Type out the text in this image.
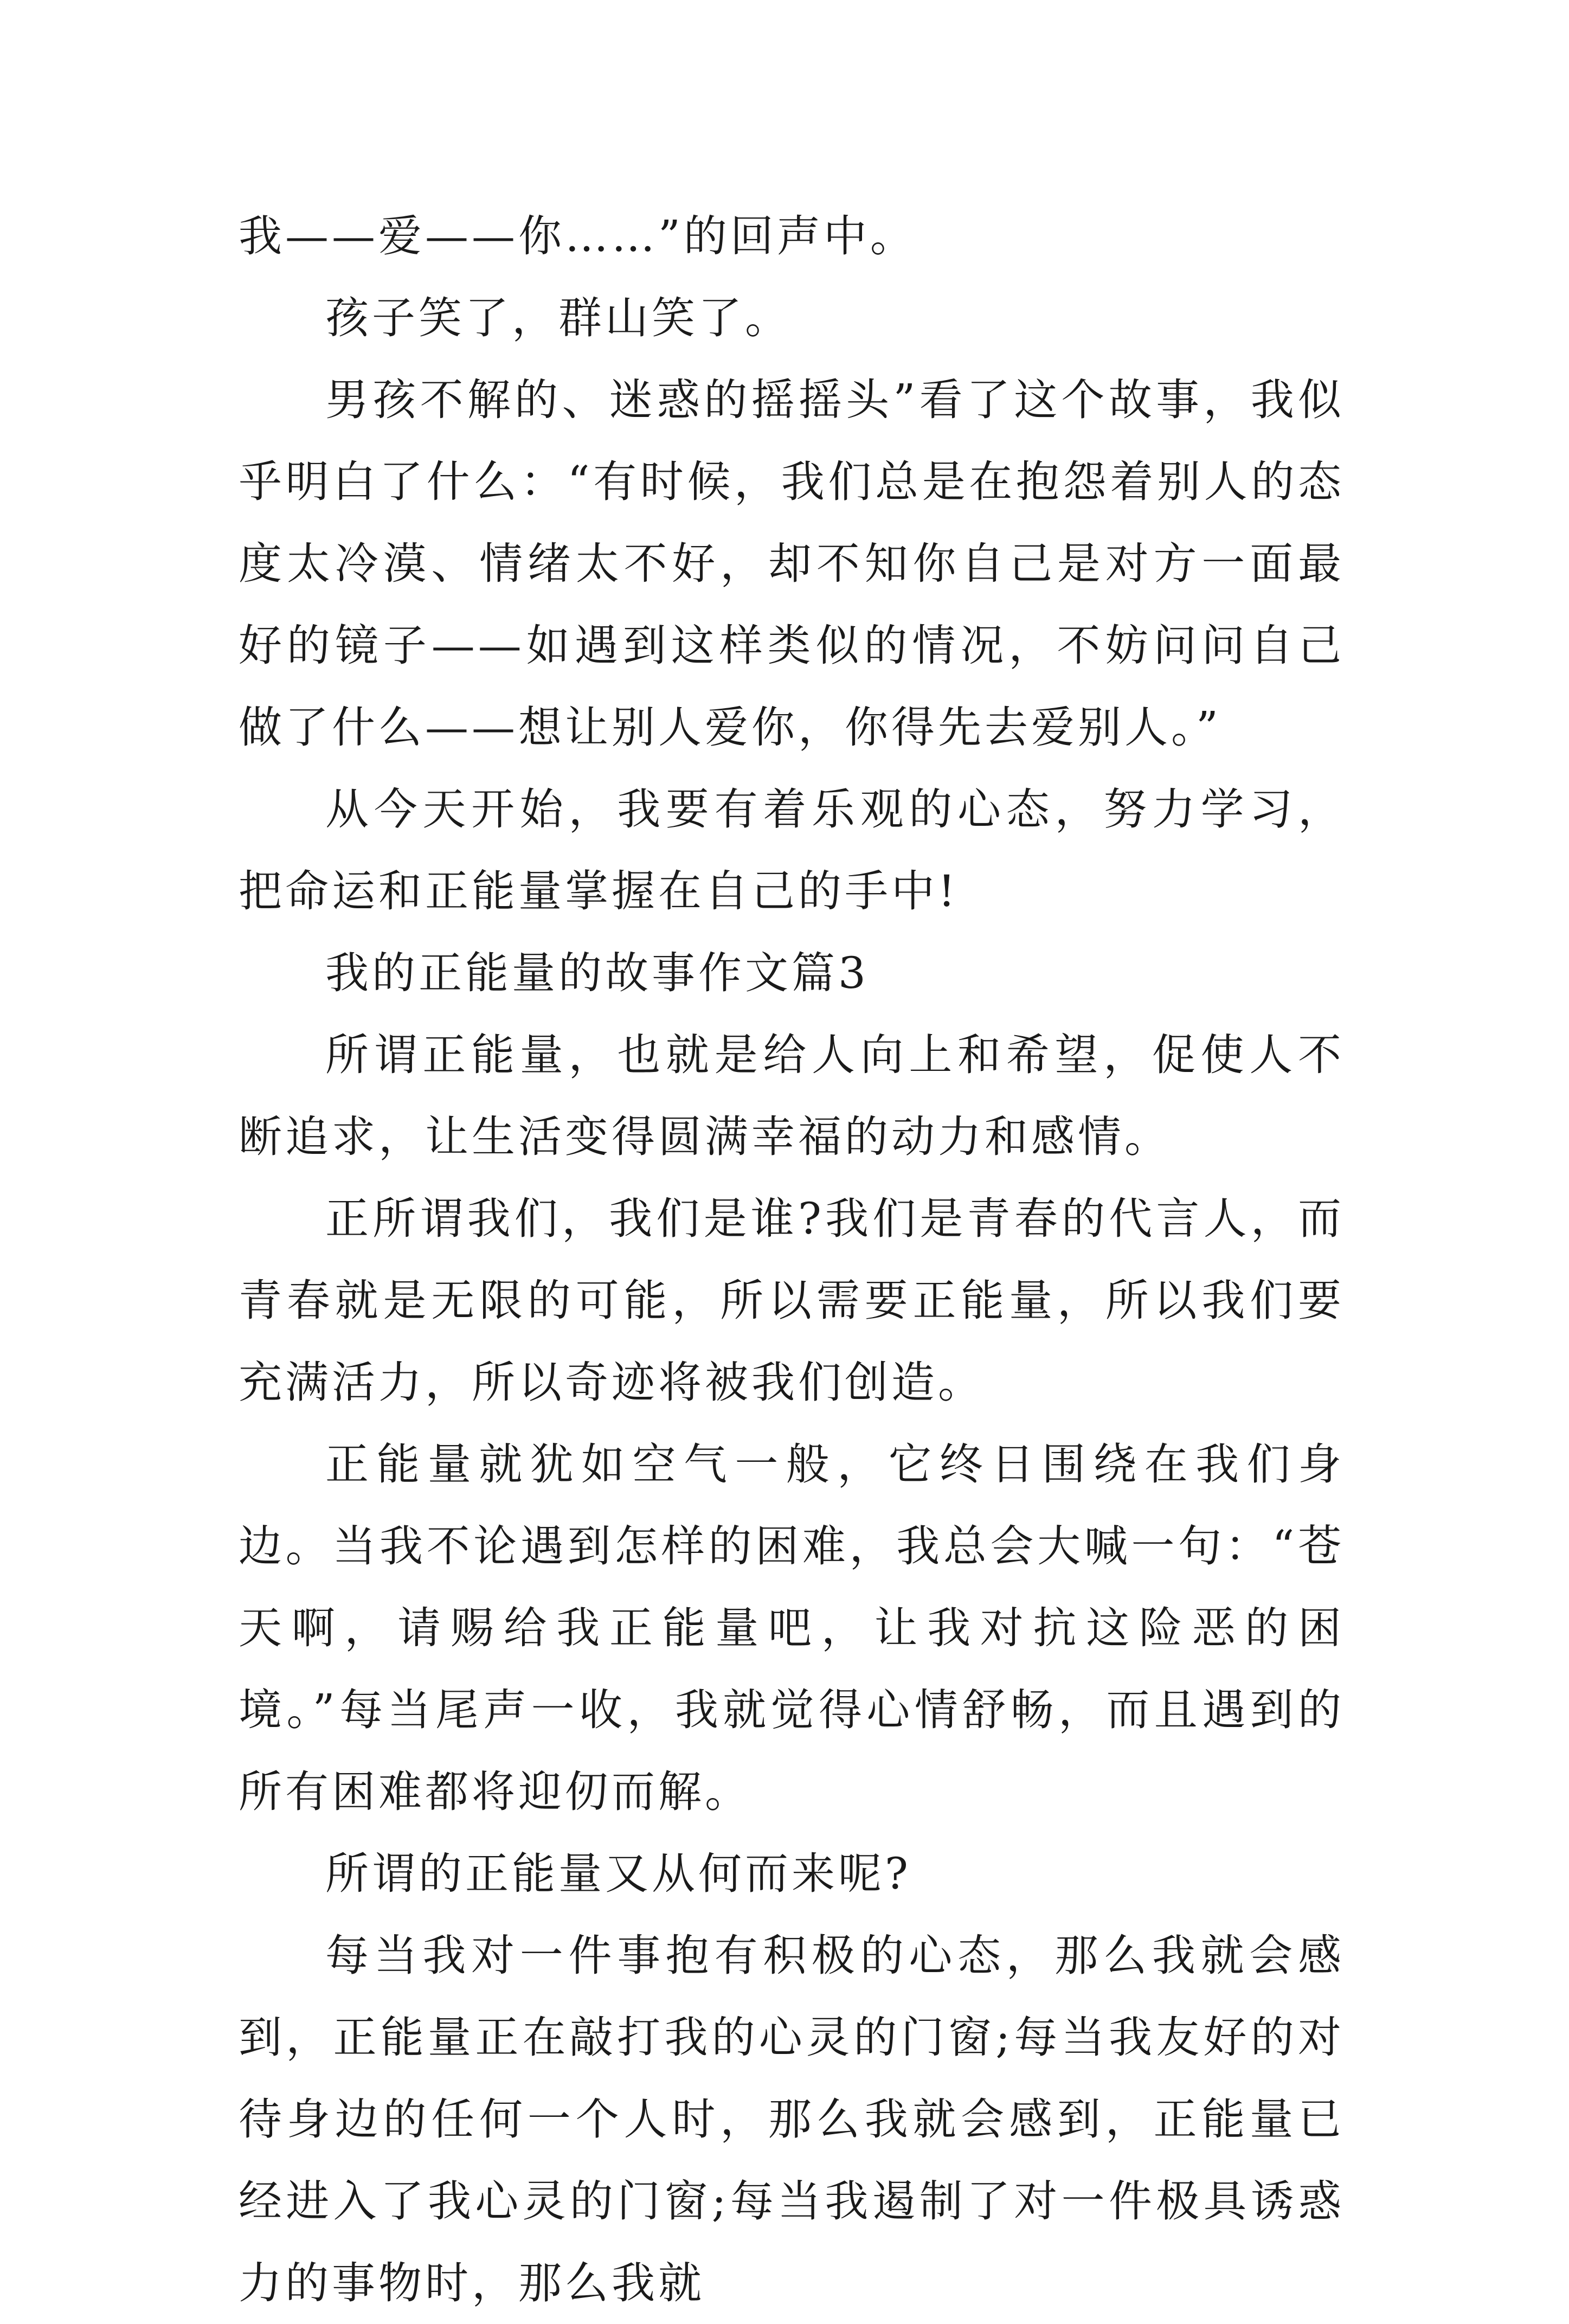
我——爱——你……”的回声中。

孩子笑了，群山笑了。

男孩不解的、迷惑的摇摇头”看了这个故事，我似乎明白了什么：“有时候，我们总是在抱怨着别人的态度太冷漠、情绪太不好，却不知你自己是对方一面最好的镜子——如遇到这样类似的情况，不妨问问自己做了什么——想让别人爱你，你得先去爱别人。”

从今天开始，我要有着乐观的心态，努力学习，把命运和正能量掌握在自己的手中!

我的正能量的故事作文篇3

所谓正能量，也就是给人向上和希望，促使人不断追求，让生活变得圆满幸福的动力和感情。

正所谓我们，我们是谁?我们是青春的代言人，而青春就是无限的可能，所以需要正能量，所以我们要充满活力，所以奇迹将被我们创造。

正能量就犹如空气一般，它终日围绕在我们身边。当我不论遇到怎样的困难，我总会大喊一句：“苍天啊，请赐给我正能量吧，让我对抗这险恶的困境。”每当尾声一收，我就觉得心情舒畅，而且遇到的所有困难都将迎仞而解。

所谓的正能量又从何而来呢?

每当我对一件事抱有积极的心态，那么我就会感到，正能量正在敲打我的心灵的门窗;每当我友好的对待身边的任何一个人时，那么我就会感到，正能量已经进入了我心灵的门窗;每当我遏制了对一件极具诱惑力的事物时，那么我就
